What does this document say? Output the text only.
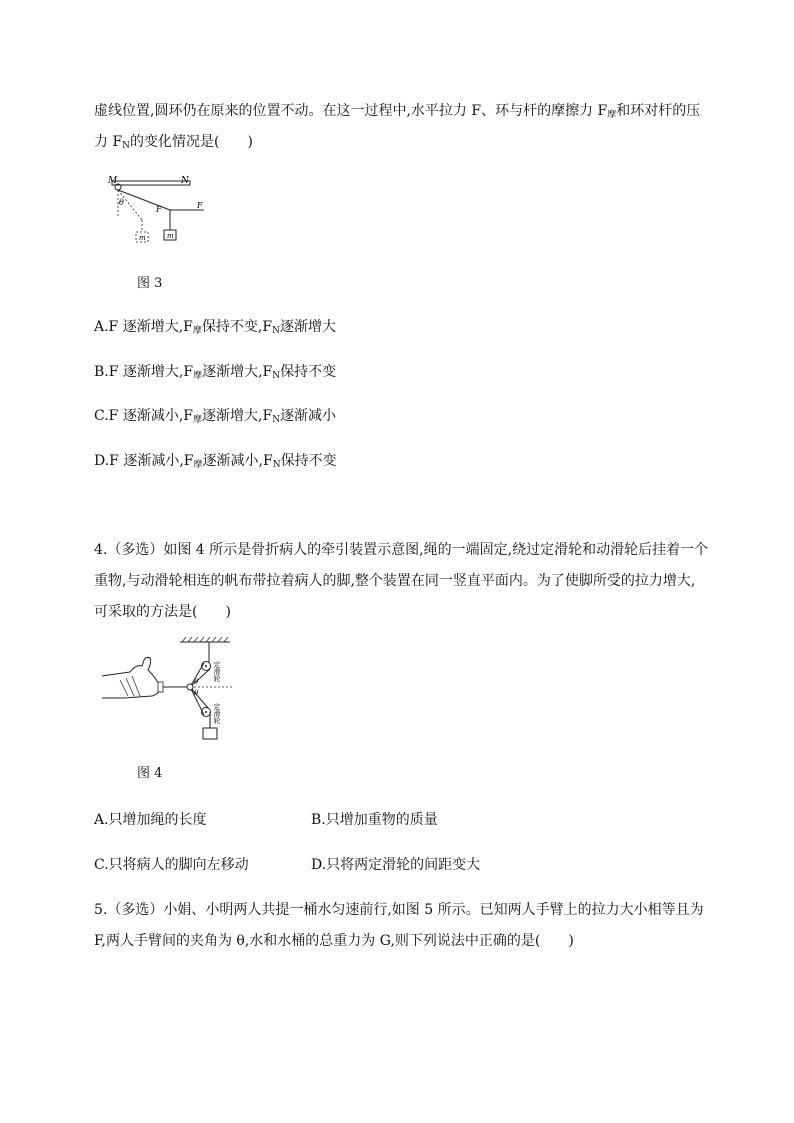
虚线位置,圆环仍在原来的位置不动。在这一过程中,水平拉力 F、环与杆的摩擦力 $F_摩$和环对杆的压
力 $F_N$的变化情况是(　　)
M	N
m	m
θ
F	F
图 3
A.F 逐渐增大$,F_摩$保持不变$,F_N$逐渐增大
B.F 逐渐增大$,F_摩$逐渐增大$,F_N$保持不变
C.F 逐渐减小$,F_摩$逐渐增大$,F_N$逐渐减小
D.F 逐渐减小$,F_摩$逐渐减小$,F_N$保持不变
4.（多选）如图 4 所示是骨折病人的牵引装置示意图,绳的一端固定,绕过定滑轮和动滑轮后挂着一个
重物,与动滑轮相连的帆布带拉着病人的脚,整个装置在同一竖直平面内。为了使脚所受的拉力增大,
可采取的方法是(　　)
θ
θ
定滑轮
定滑轮
图 4
A.只增加绳的长度	B.只增加重物的质量
C.只将病人的脚向左移动	D.只将两定滑轮的间距变大
5.（多选）小娟、小明两人共提一桶水匀速前行,如图 5 所示。已知两人手臂上的拉力大小相等且为
F,两人手臂间的夹角为 θ,水和水桶的总重力为 G,则下列说法中正确的是(　　)
